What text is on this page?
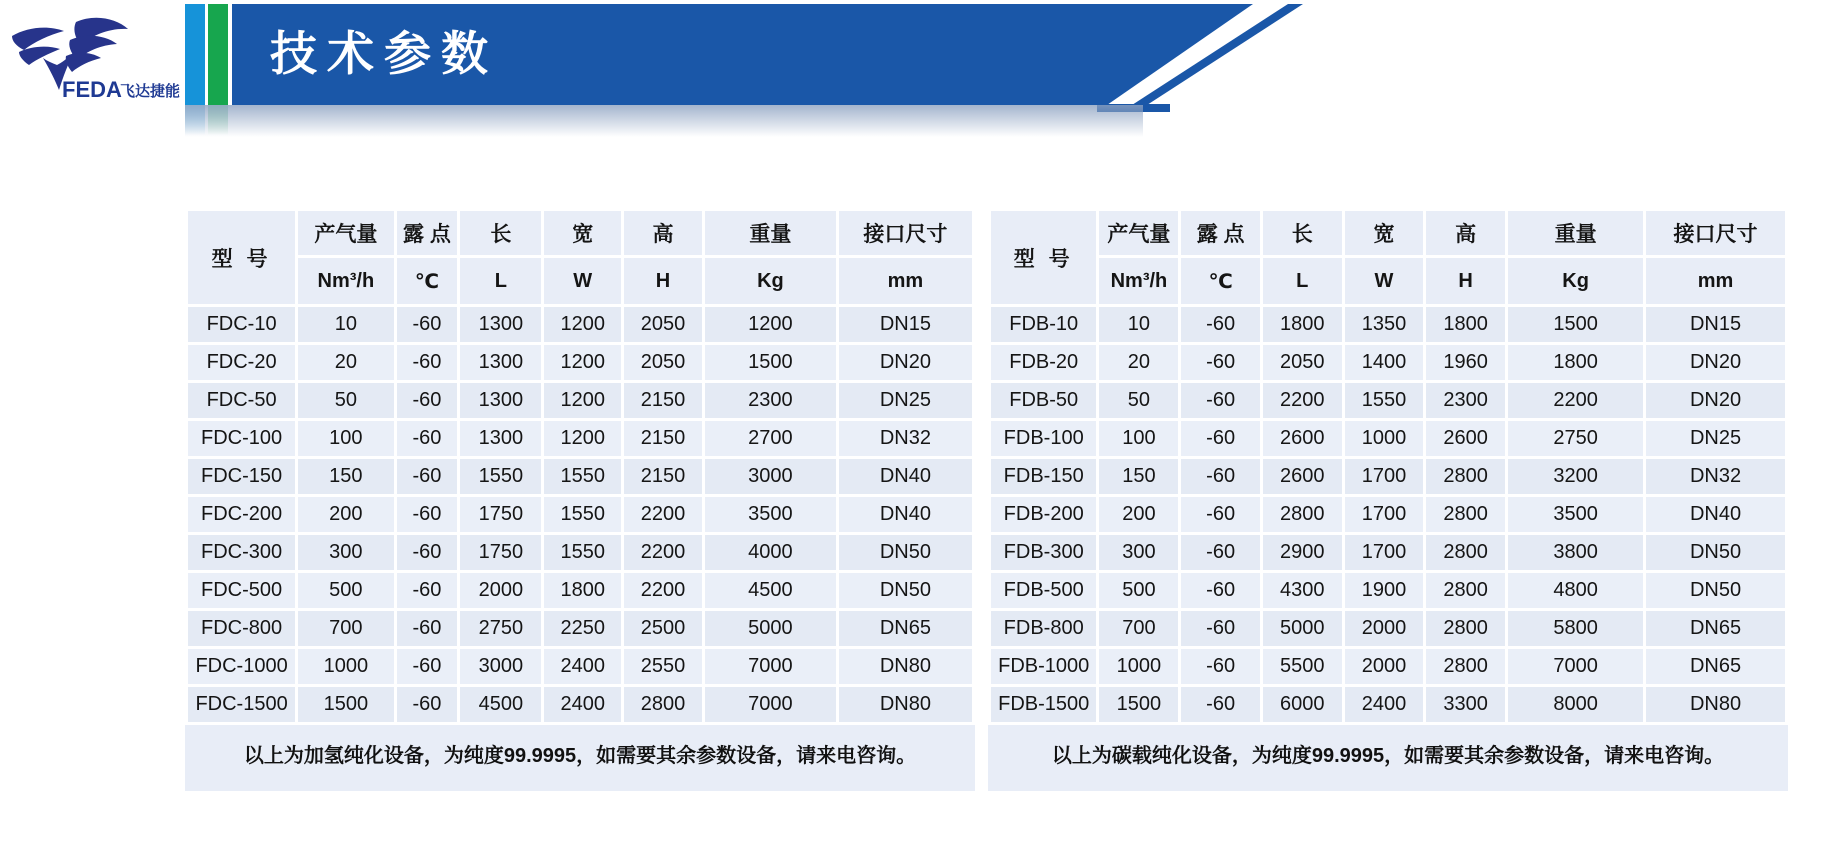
FEDA
飞达捷能
技术参数
型 号	产气量	露 点	长	宽	高	重量	接口尺寸
	Nm³/h	℃	L	W	H	Kg	mm
FDC-10	10	-60	1300	1200	2050	1200	DN15
FDC-20	20	-60	1300	1200	2050	1500	DN20
FDC-50	50	-60	1300	1200	2150	2300	DN25
FDC-100	100	-60	1300	1200	2150	2700	DN32
FDC-150	150	-60	1550	1550	2150	3000	DN40
FDC-200	200	-60	1750	1550	2200	3500	DN40
FDC-300	300	-60	1750	1550	2200	4000	DN50
FDC-500	500	-60	2000	1800	2200	4500	DN50
FDC-800	700	-60	2750	2250	2500	5000	DN65
FDC-1000	1000	-60	3000	2400	2550	7000	DN80
FDC-1500	1500	-60	4500	2400	2800	7000	DN80
以上为加氢纯化设备，为纯度99.9995，如需要其余参数设备，请来电咨询。
型 号	产气量	露 点	长	宽	高	重量	接口尺寸
	Nm³/h	℃	L	W	H	Kg	mm
FDB-10	10	-60	1800	1350	1800	1500	DN15
FDB-20	20	-60	2050	1400	1960	1800	DN20
FDB-50	50	-60	2200	1550	2300	2200	DN20
FDB-100	100	-60	2600	1000	2600	2750	DN25
FDB-150	150	-60	2600	1700	2800	3200	DN32
FDB-200	200	-60	2800	1700	2800	3500	DN40
FDB-300	300	-60	2900	1700	2800	3800	DN50
FDB-500	500	-60	4300	1900	2800	4800	DN50
FDB-800	700	-60	5000	2000	2800	5800	DN65
FDB-1000	1000	-60	5500	2000	2800	7000	DN65
FDB-1500	1500	-60	6000	2400	3300	8000	DN80
以上为碳载纯化设备，为纯度99.9995，如需要其余参数设备，请来电咨询。
